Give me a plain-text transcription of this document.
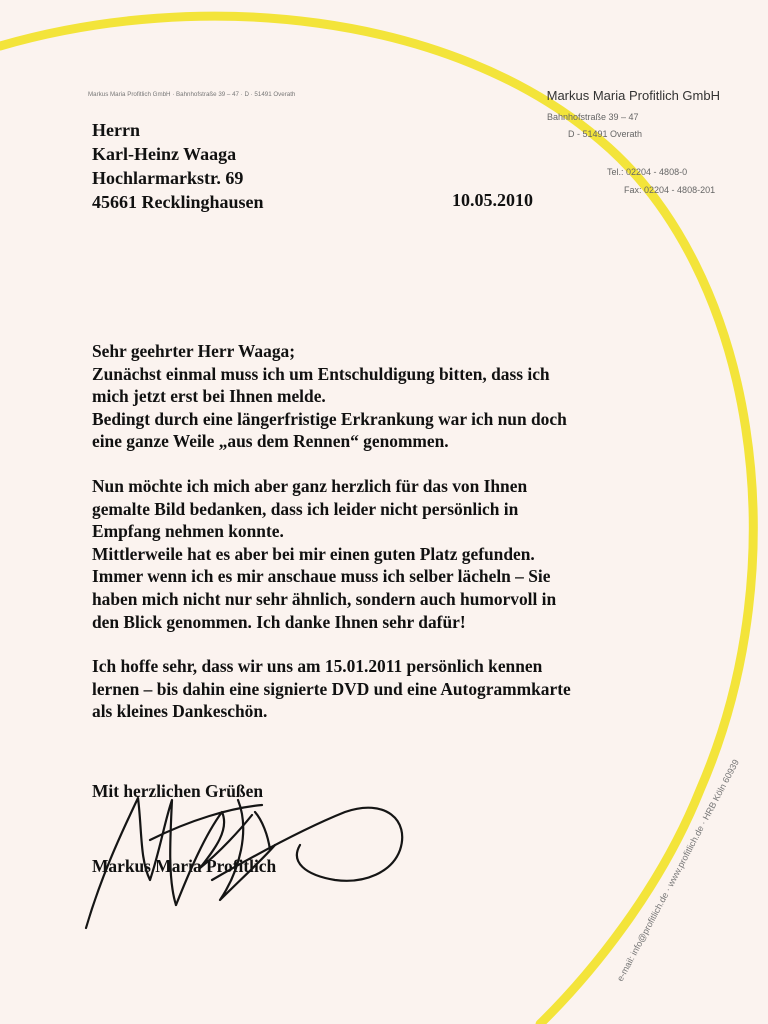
Markus Maria Profitlich GmbH · Bahnhofstraße 39 – 47 · D · 51491 Overath	Markus Maria Profitlich GmbH
Bahnhofstraße 39 – 47
D - 51491 Overath
Tel.: 02204 - 4808-0
Fax: 02204 - 4808-201
Herrn
Karl-Heinz Waaga
Hochlarmarkstr. 69
45661 Recklinghausen	10.05.2010

Sehr geehrter Herr Waaga;

Zunächst einmal muss ich um Entschuldigung bitten, dass ich

mich jetzt erst bei Ihnen melde.

Bedingt durch eine längerfristige Erkrankung war ich nun doch

eine ganze Weile „aus dem Rennen“ genommen.

Nun möchte ich mich aber ganz herzlich für das von Ihnen

gemalte Bild bedanken, dass ich leider nicht persönlich in

Empfang nehmen konnte.

Mittlerweile hat es aber bei mir einen guten Platz gefunden.

Immer wenn ich es mir anschaue muss ich selber lächeln – Sie

haben mich nicht nur sehr ähnlich, sondern auch humorvoll in

den Blick genommen. Ich danke Ihnen sehr dafür!

Ich hoffe sehr, dass wir uns am 15.01.2011 persönlich kennen

lernen – bis dahin eine signierte DVD und eine Autogrammkarte

als kleines Dankeschön.

Mit herzlichen Grüßen
Markus Maria Profitlich	e-mail: info@profitlich.de · www.profitlich.de · HRB Köln 60939
